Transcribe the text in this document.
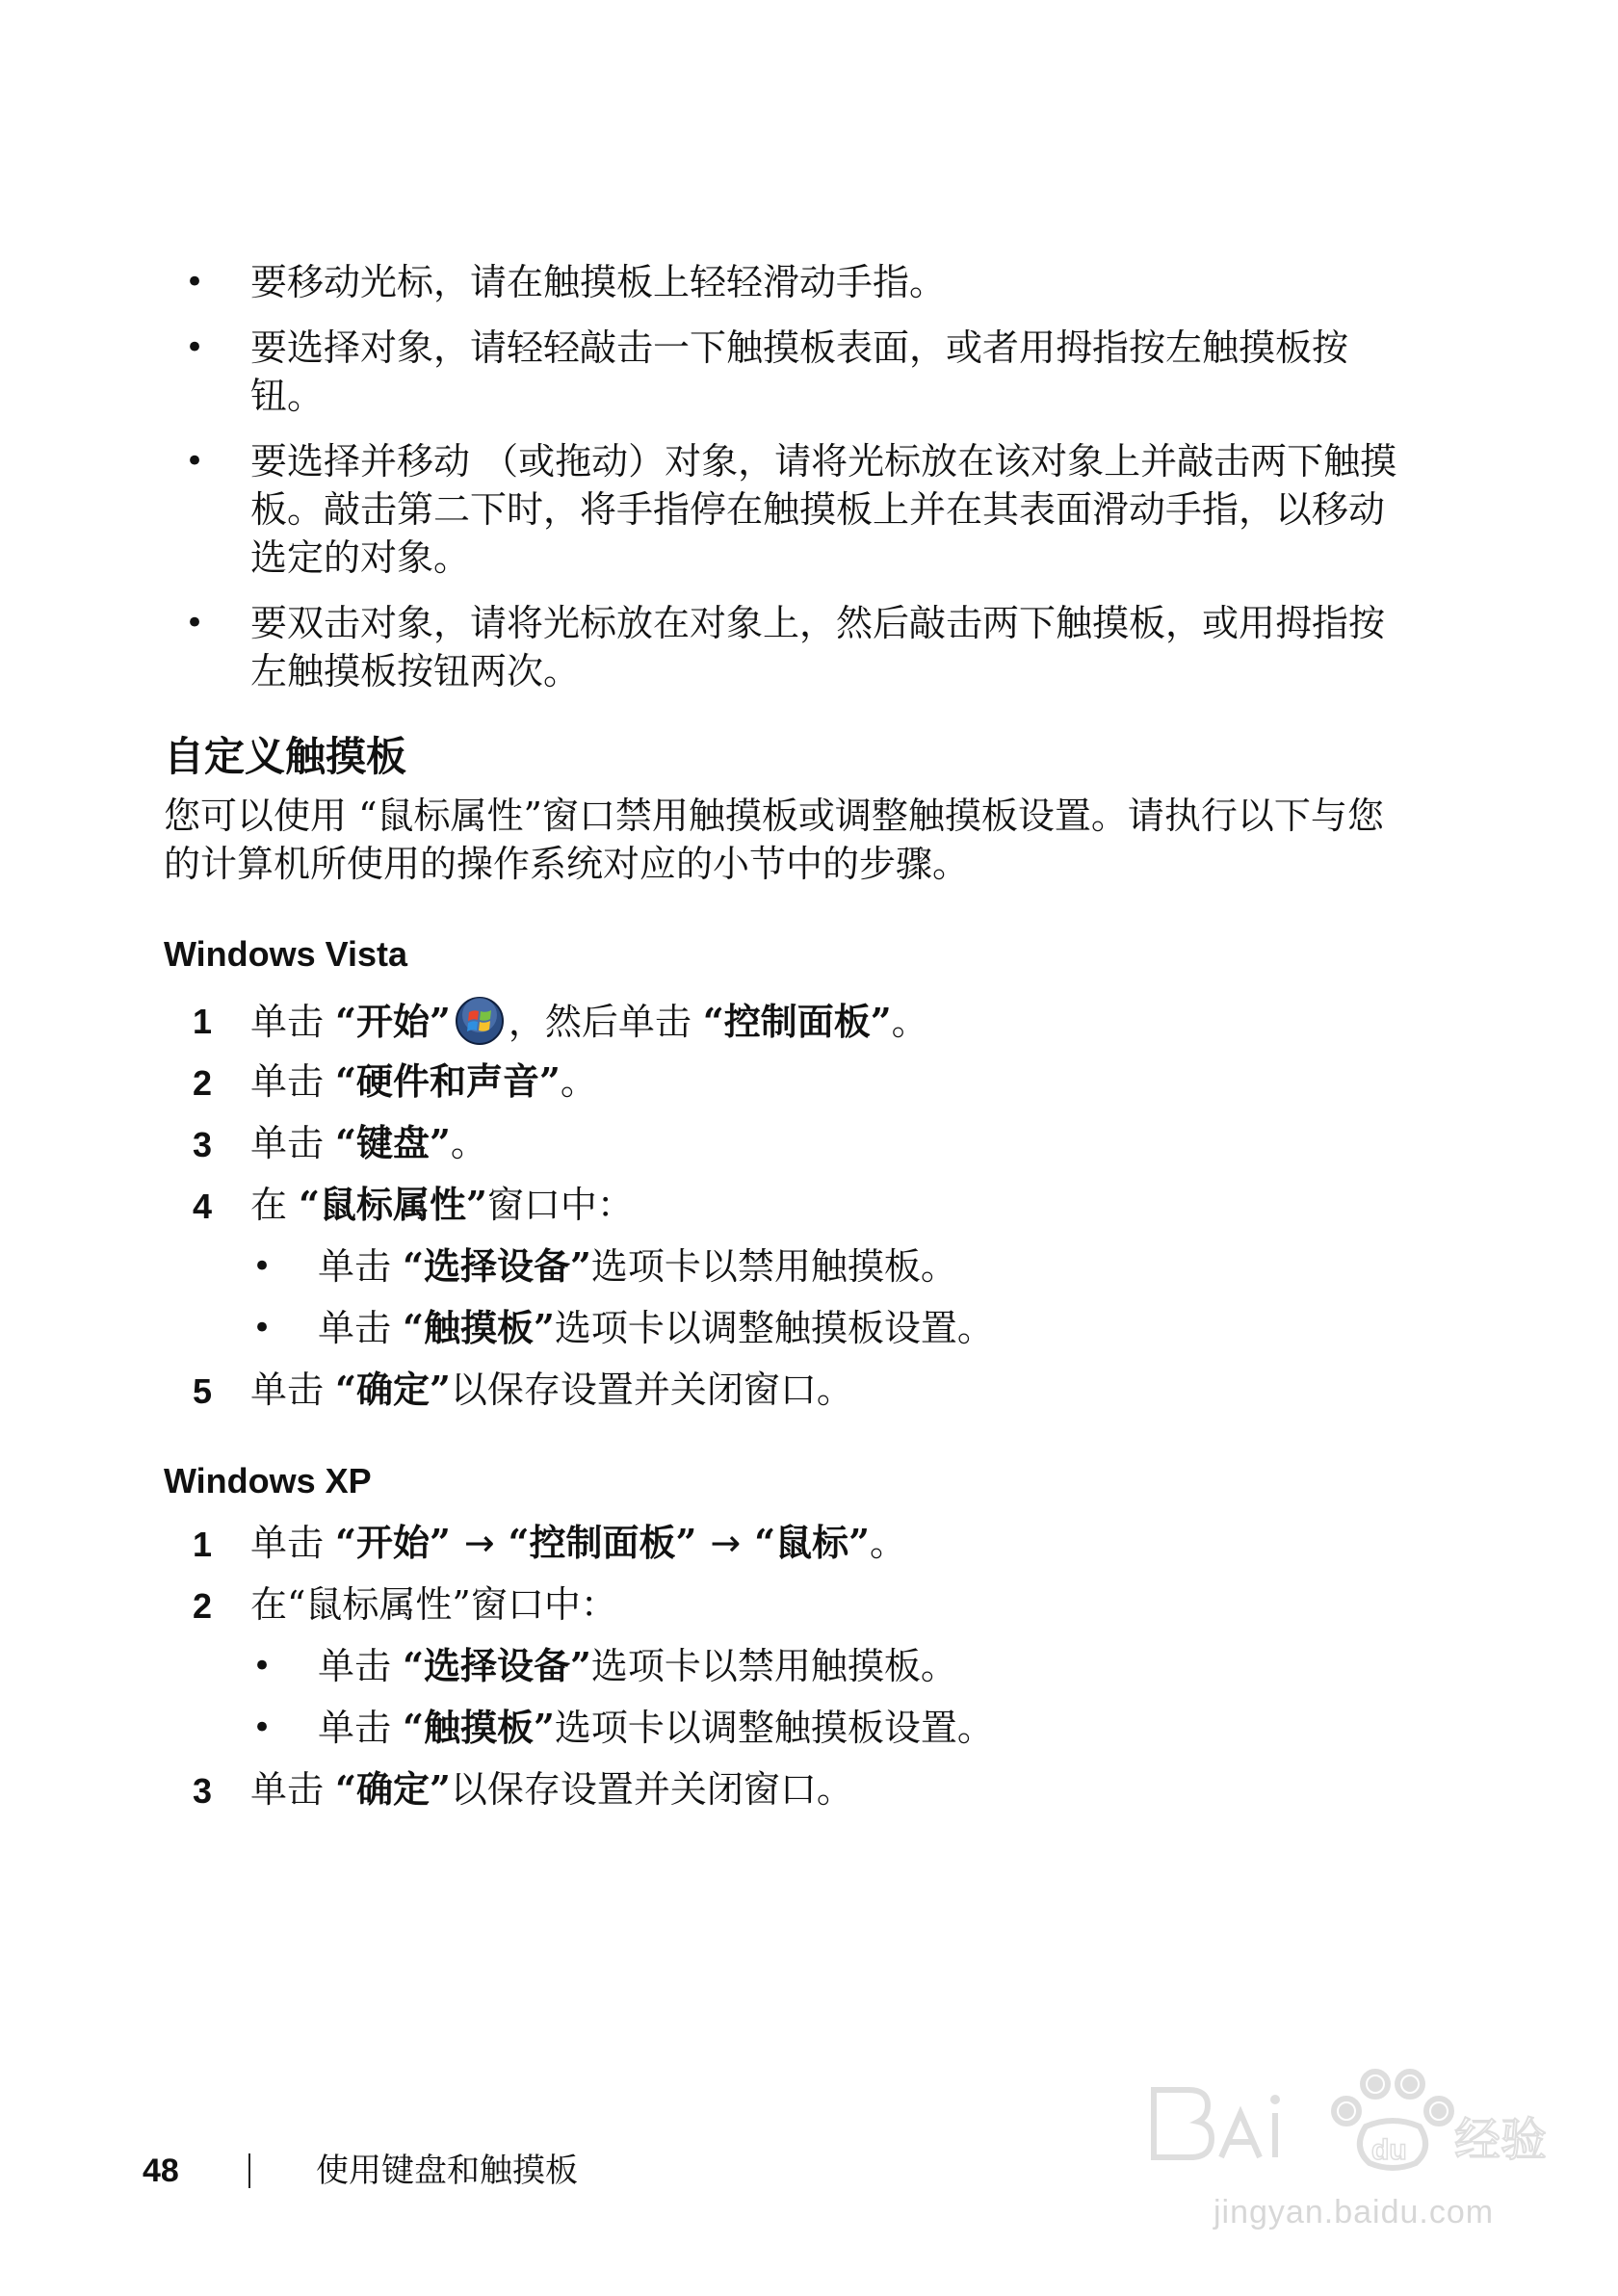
• 要移动光标，请在触摸板上轻轻滑动手指。
• 要选择对象，请轻轻敲击一下触摸板表面，或者用拇指按左触摸板按钮。
• 要选择并移动 （或拖动）对象，请将光标放在该对象上并敲击两下触摸板。敲击第二下时，将手指停在触摸板上并在其表面滑动手指，以移动选定的对象。
• 要双击对象，请将光标放在对象上，然后敲击两下触摸板，或用拇指按左触摸板按钮两次。
自定义触摸板
您可以使用 “鼠标属性”窗口禁用触摸板或调整触摸板设置。请执行以下与您的计算机所使用的操作系统对应的小节中的步骤。
Windows Vista
1 单击 “开始” ，然后单击 “控制面板”。
2 单击 “硬件和声音”。
3 单击 “键盘”。
4 在 “鼠标属性”窗口中：
• 单击 “选择设备”选项卡以禁用触摸板。
• 单击 “触摸板”选项卡以调整触摸板设置。
5 单击 “确定”以保存设置并关闭窗口。
Windows XP
1 单击 “开始” → “控制面板” → “鼠标”。
2 在“鼠标属性”窗口中：
• 单击 “选择设备”选项卡以禁用触摸板。
• 单击 “触摸板”选项卡以调整触摸板设置。
3 单击 “确定”以保存设置并关闭窗口。
48	使用键盘和触摸板
du 经验
jingyan.baidu.com
